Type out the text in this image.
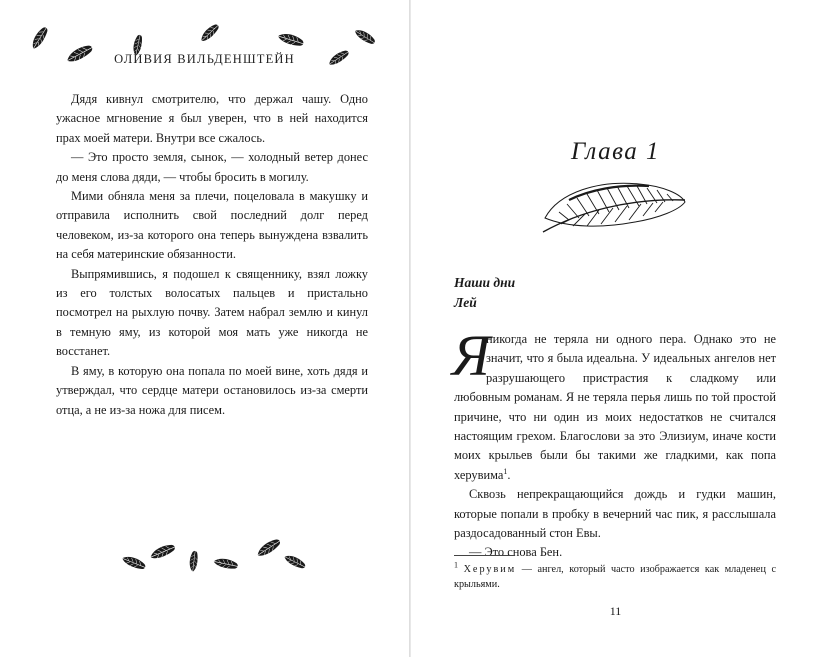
ОЛИВИЯ ВИЛЬДЕНШТЕЙН

Дядя кивнул смотрителю, что держал чашу. Одно ужасное мгновение я был уверен, что в ней находится прах моей матери. Внутри все сжалось.

— Это просто земля, сынок, — холодный ветер донес до меня слова дяди, — чтобы бросить в могилу.

Мими обняла меня за плечи, поцеловала в макушку и отправила исполнить свой последний долг перед человеком, из-за которого она теперь вынуждена взвалить на себя материнские обязанности.

Выпрямившись, я подошел к священнику, взял ложку из его толстых волосатых пальцев и пристально посмотрел на рыхлую почву. Затем набрал землю и кинул в темную яму, из которой моя мать уже никогда не восстанет.

В яму, в которую она попала по моей вине, хоть дядя и утверждал, что сердце матери остановилось из-за смерти отца, а не из-за ножа для писем.

Глава 1
Наши дни
Лей

Я
никогда не теряла ни одного пера. Однако это не значит, что я была идеальна. У идеальных ангелов нет разрушающего пристрастия к сладкому или любовным романам. Я не теряла перья лишь по той простой причине, что ни один из моих недостатков не считался настоящим грехом. Благослови за это Элизиум, иначе кости моих крыльев были бы такими же гладкими, как попа херувима$^1$.

Сквозь непрекращающийся дождь и гудки машин, которые попали в пробку в вечерний час пик, я расслышала раздосадованный стон Евы.

— Это снова Бен.

$^1$ Херувим — ангел, который часто изображается как младенец с крыльями.

11
